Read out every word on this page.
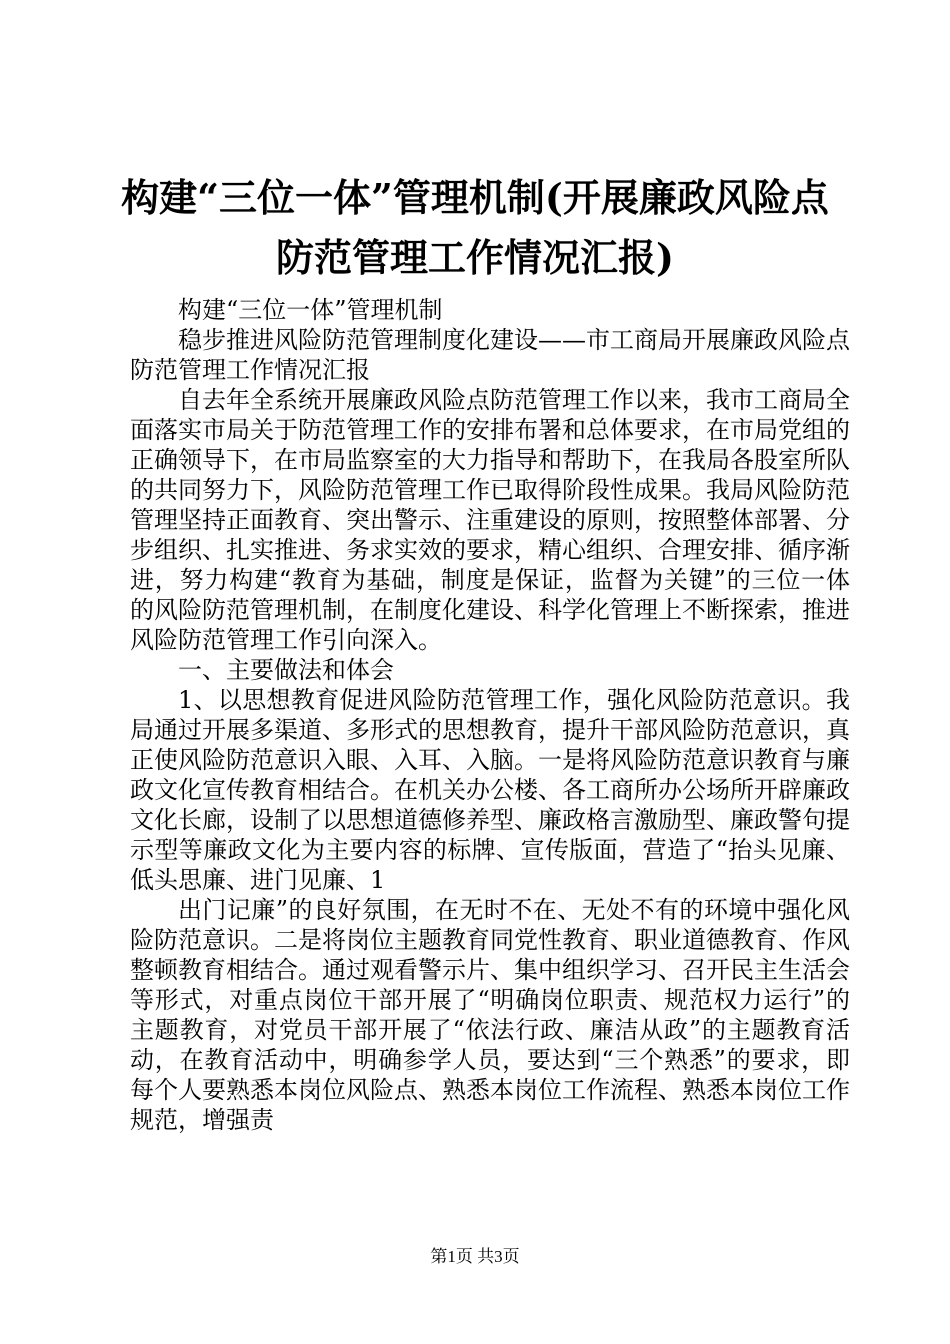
构建“三位一体”管理机制(开展廉政风险点防范管理工作情况汇报)

构建“三位一体”管理机制

稳步推进风险防范管理制度化建设——市工商局开展廉政风险点防范管理工作情况汇报

自去年全系统开展廉政风险点防范管理工作以来，我市工商局全面落实市局关于防范管理工作的安排布署和总体要求，在市局党组的正确领导下，在市局监察室的大力指导和帮助下，在我局各股室所队的共同努力下，风险防范管理工作已取得阶段性成果。我局风险防范管理坚持正面教育、突出警示、注重建设的原则，按照整体部署、分步组织、扎实推进、务求实效的要求，精心组织、合理安排、循序渐进，努力构建“教育为基础，制度是保证，监督为关键”的三位一体的风险防范管理机制，在制度化建设、科学化管理上不断探索，推进风险防范管理工作引向深入。

一、主要做法和体会

1、以思想教育促进风险防范管理工作，强化风险防范意识。我局通过开展多渠道、多形式的思想教育，提升干部风险防范意识，真正使风险防范意识入眼、入耳、入脑。一是将风险防范意识教育与廉政文化宣传教育相结合。在机关办公楼、各工商所办公场所开辟廉政文化长廊，设制了以思想道德修养型、廉政格言激励型、廉政警句提示型等廉政文化为主要内容的标牌、宣传版面，营造了“抬头见廉、低头思廉、进门见廉、1

出门记廉”的良好氛围，在无时不在、无处不有的环境中强化风险防范意识。二是将岗位主题教育同党性教育、职业道德教育、作风整顿教育相结合。通过观看警示片、集中组织学习、召开民主生活会等形式，对重点岗位干部开展了“明确岗位职责、规范权力运行”的主题教育，对党员干部开展了“依法行政、廉洁从政”的主题教育活动，在教育活动中，明确参学人员，要达到“三个熟悉”的要求，即每个人要熟悉本岗位风险点、熟悉本岗位工作流程、熟悉本岗位工作规范，增强责

第1页 共3页
